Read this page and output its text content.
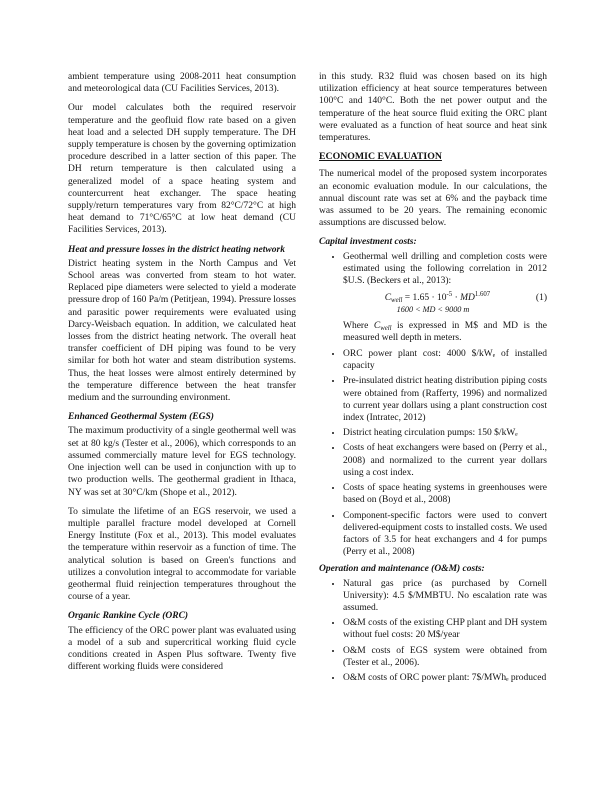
ambient temperature using 2008-2011 heat consumption and meteorological data (CU Facilities Services, 2013).

Our model calculates both the required reservoir temperature and the geofluid flow rate based on a given heat load and a selected DH supply temperature. The DH supply temperature is chosen by the governing optimization procedure described in a latter section of this paper. The DH return temperature is then calculated using a generalized model of a space heating system and countercurrent heat exchanger. The space heating supply/return temperatures vary from 82°C/72°C at high heat demand to 71°C/65°C at low heat demand (CU Facilities Services, 2013).

Heat and pressure losses in the district heating network

District heating system in the North Campus and Vet School areas was converted from steam to hot water. Replaced pipe diameters were selected to yield a moderate pressure drop of 160 Pa/m (Petitjean, 1994). Pressure losses and parasitic power requirements were evaluated using Darcy-Weisbach equation. In addition, we calculated heat losses from the district heating network. The overall heat transfer coefficient of DH piping was found to be very similar for both hot water and steam distribution systems. Thus, the heat losses were almost entirely determined by the temperature difference between the heat transfer medium and the surrounding environment.

Enhanced Geothermal System (EGS)

The maximum productivity of a single geothermal well was set at 80 kg/s (Tester et al., 2006), which corresponds to an assumed commercially mature level for EGS technology. One injection well can be used in conjunction with up to two production wells. The geothermal gradient in Ithaca, NY was set at 30°C/km (Shope et al., 2012).

To simulate the lifetime of an EGS reservoir, we used a multiple parallel fracture model developed at Cornell Energy Institute (Fox et al., 2013). This model evaluates the temperature within reservoir as a function of time. The analytical solution is based on Green's functions and utilizes a convolution integral to accommodate for variable geothermal fluid reinjection temperatures throughout the course of a year.

Organic Rankine Cycle (ORC)

The efficiency of the ORC power plant was evaluated using a model of a sub and supercritical working fluid cycle conditions created in Aspen Plus software. Twenty five different working fluids were considered

in this study. R32 fluid was chosen based on its high utilization efficiency at heat source temperatures between 100°C and 140°C. Both the net power output and the temperature of the heat source fluid exiting the ORC plant were evaluated as a function of heat source and heat sink temperatures.

ECONOMIC EVALUATION

The numerical model of the proposed system incorporates an economic evaluation module. In our calculations, the annual discount rate was set at 6% and the payback time was assumed to be 20 years. The remaining economic assumptions are discussed below.

Capital investment costs:
• Geothermal well drilling and completion costs were estimated using the following correlation in 2012 $U.S. (Beckers et al., 2013):
$C_{well} = 1.65 \cdot 10^{-5} \cdot MD^{1.607}$	(1)
1600 < MD < 9000 m

Where $C_{well}$ is expressed in M$ and MD is the measured well depth in meters.

• ORC power plant cost: 4000 $/kWₑ of installed capacity
• Pre-insulated district heating distribution piping costs were obtained from (Rafferty, 1996) and normalized to current year dollars using a plant construction cost index (Intratec, 2012)
• District heating circulation pumps: 150 $/kWₑ
• Costs of heat exchangers were based on (Perry et al., 2008) and normalized to the current year dollars using a cost index.
• Costs of space heating systems in greenhouses were based on (Boyd et al., 2008)
• Component-specific factors were used to convert delivered-equipment costs to installed costs. We used factors of 3.5 for heat exchangers and 4 for pumps (Perry et al., 2008)
Operation and maintenance (O&M) costs:
• Natural gas price (as purchased by Cornell University): 4.5 $/MMBTU. No escalation rate was assumed.
• O&M costs of the existing CHP plant and DH system without fuel costs: 20 M$/year
• O&M costs of EGS system were obtained from (Tester et al., 2006).
• O&M costs of ORC power plant: 7$/MWhₑ produced
